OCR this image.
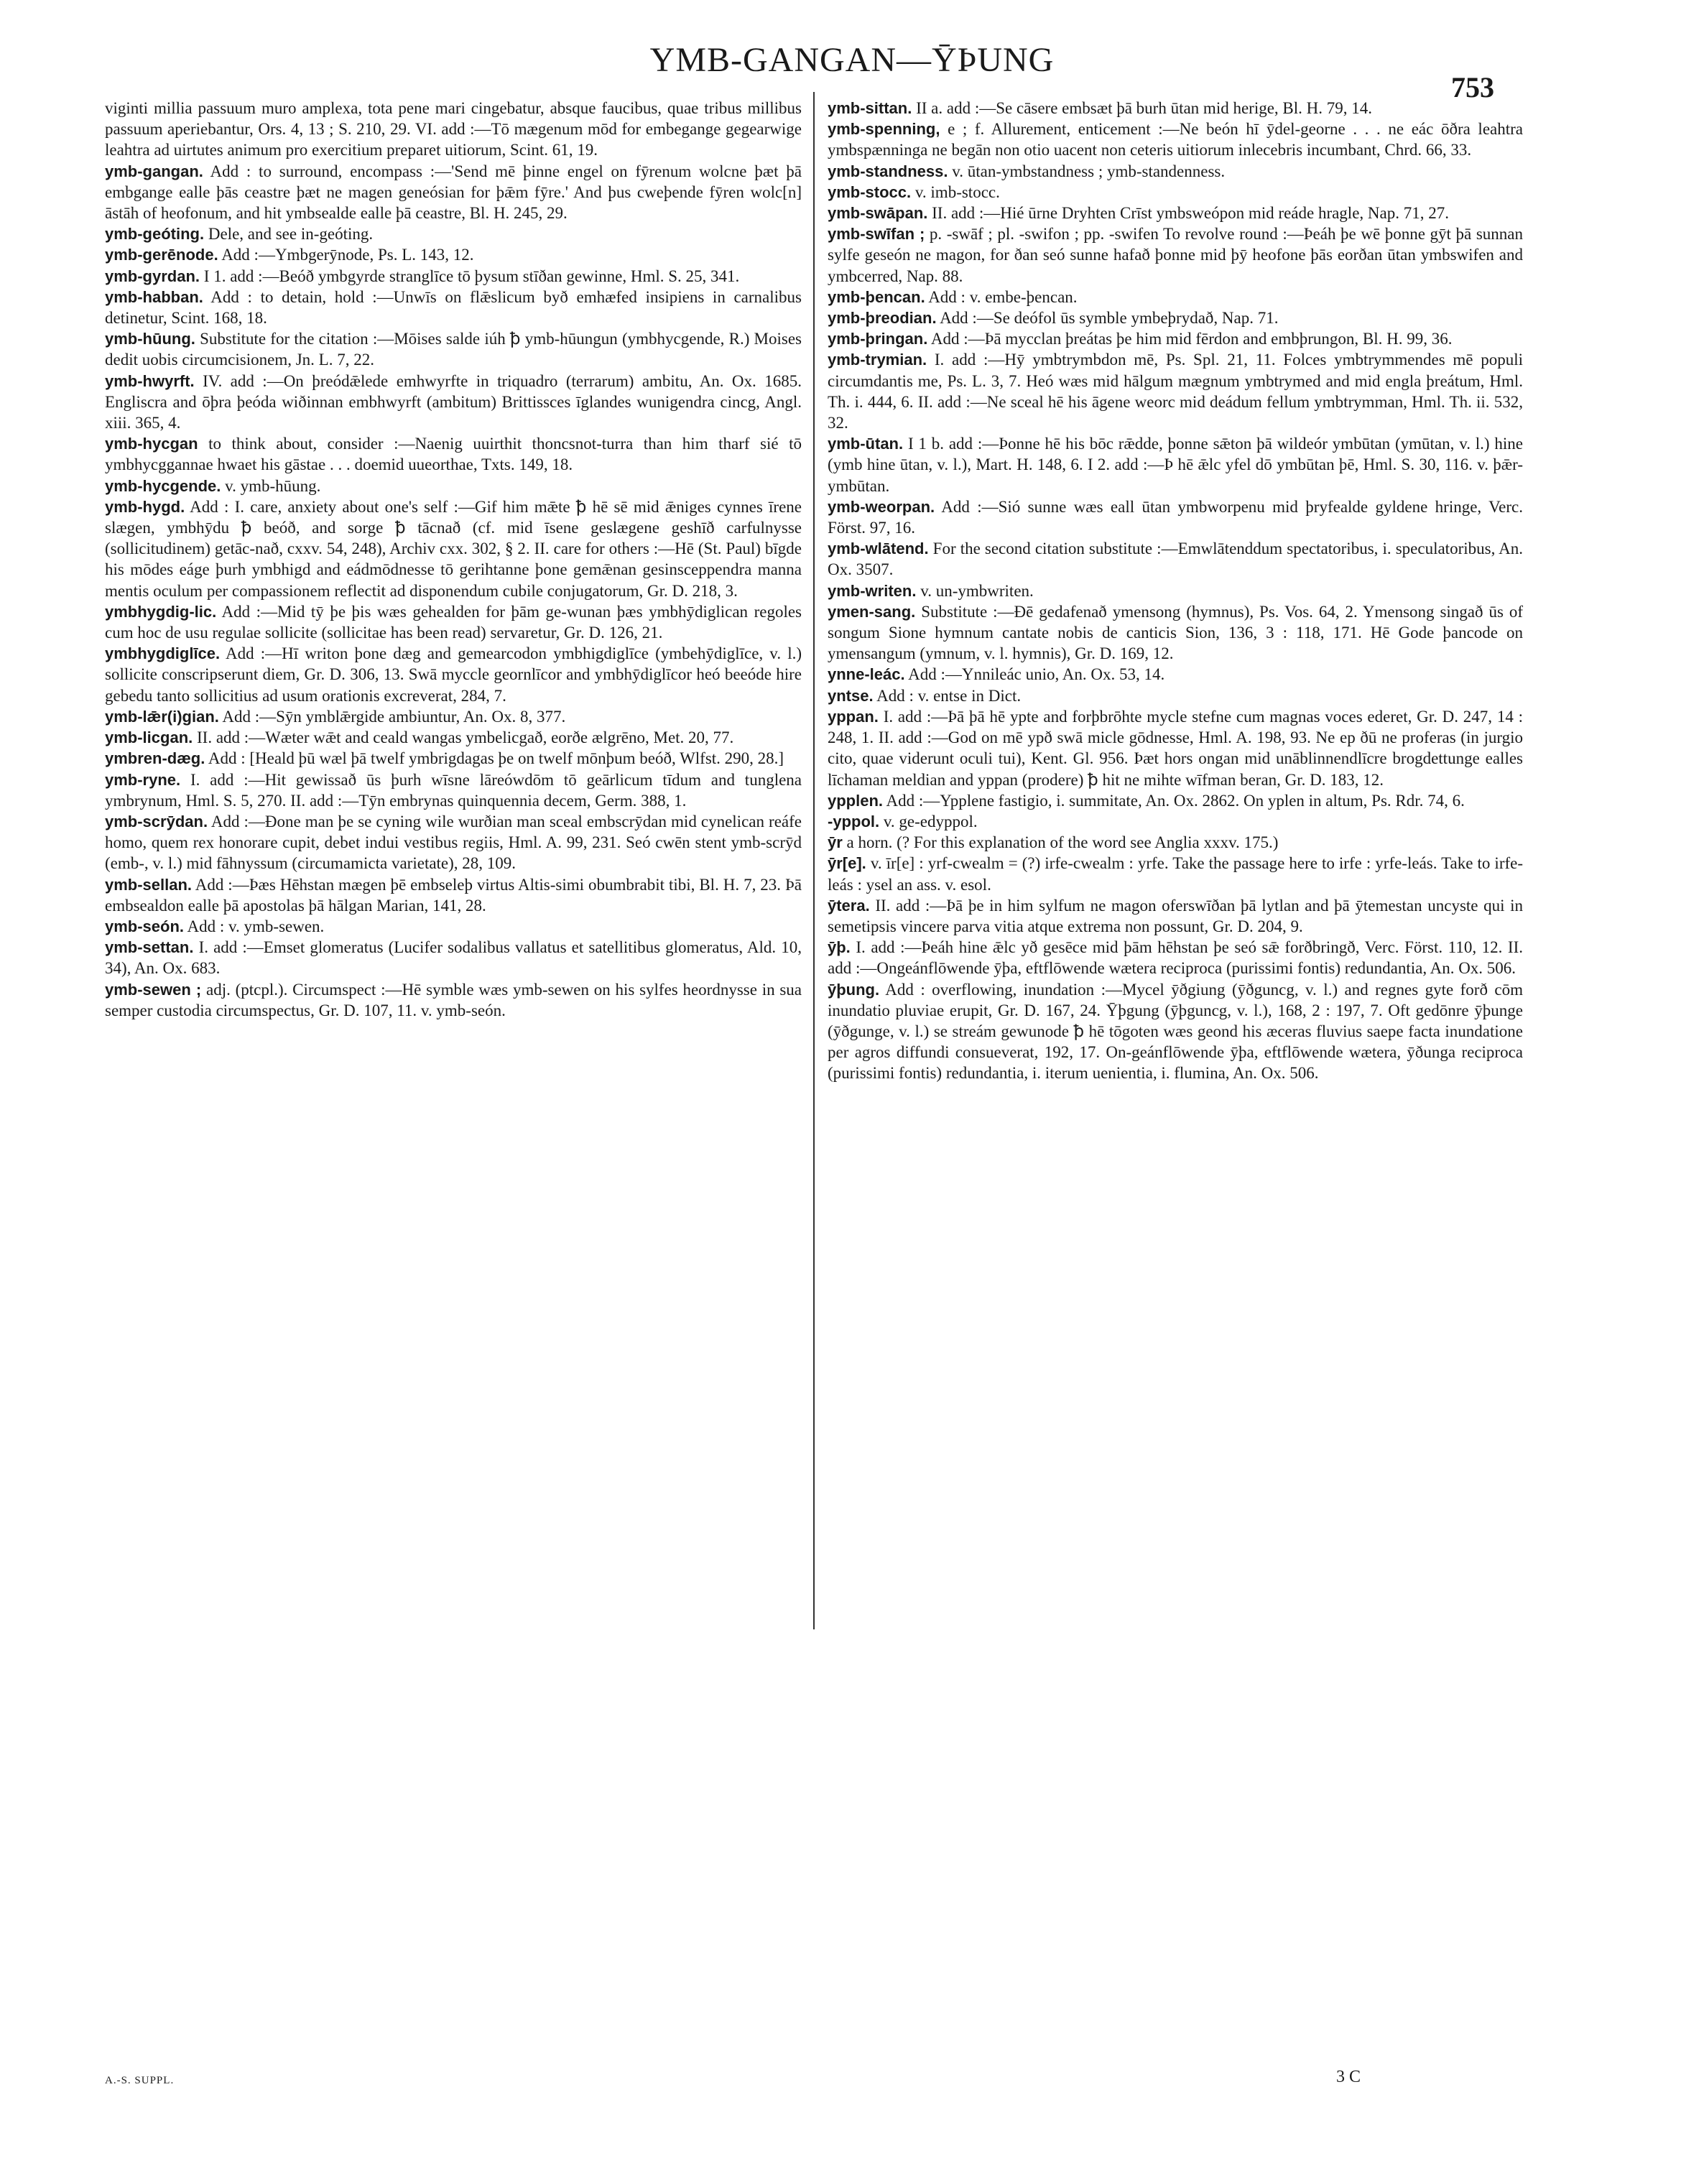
YMB-GANGAN—ȲÞUNG
753

viginti millia passuum muro amplexa, tota pene mari cingebatur, absque faucibus, quae tribus millibus passuum aperiebantur, Ors. 4, 13 ; S. 210, 29. VI. add :—Tō mægenum mōd for embegange gegearwige leahtra ad uirtutes animum pro exercitium preparet uitiorum, Scint. 61, 19.

ymb-gangan. Add : to surround, encompass :—'Send mē þinne engel on fȳrenum wolcne þæt þā embgange ealle þās ceastre þæt ne magen geneósian for þǣm fȳre.' And þus cweþende fȳren wolc[n] āstāh of heofonum, and hit ymbsealde ealle þā ceastre, Bl. H. 245, 29.

ymb-geóting. Dele, and see in-geóting.

ymb-gerēnode. Add :—Ymbgerȳnode, Ps. L. 143, 12.

ymb-gyrdan. I 1. add :—Beóð ymbgyrde stranglīce tō þysum stīðan gewinne, Hml. S. 25, 341.

ymb-habban. Add : to detain, hold :—Unwīs on flǣslicum byð emhæfed insipiens in carnalibus detinetur, Scint. 168, 18.

ymb-hūung. Substitute for the citation :—Mōises salde iúh ꝥ ymb-hūungun (ymbhycgende, R.) Moises dedit uobis circumcisionem, Jn. L. 7, 22.

ymb-hwyrft. IV. add :—On þreódǣlede emhwyrfte in triquadro (terrarum) ambitu, An. Ox. 1685. Engliscra and ōþra þeóda wiðinnan embhwyrft (ambitum) Brittissces īglandes wunigendra cincg, Angl. xiii. 365, 4.

ymb-hycgan to think about, consider :—Naenig uuirthit thoncsnot-turra than him tharf sié tō ymbhycggannae hwaet his gāstae . . . doemid uueorthae, Txts. 149, 18.

ymb-hycgende. v. ymb-hūung.

ymb-hygd. Add : I. care, anxiety about one's self :—Gif him mǣte ꝥ hē sē mid ǣniges cynnes īrene slægen, ymbhȳdu ꝥ beóð, and sorge ꝥ tācnað (cf. mid īsene geslægene geshīð carfulnysse (sollicitudinem) getāc-nað, cxxv. 54, 248), Archiv cxx. 302, § 2. II. care for others :—Hē (St. Paul) bīgde his mōdes eáge þurh ymbhigd and eádmōdnesse tō gerihtanne þone gemǣnan gesinsceppendra manna mentis oculum per compassionem reflectit ad disponendum cubile conjugatorum, Gr. D. 218, 3.

ymbhygdig-lic. Add :—Mid tȳ þe þis wæs gehealden for þām ge-wunan þæs ymbhȳdiglican regoles cum hoc de usu regulae sollicite (sollicitae has been read) servaretur, Gr. D. 126, 21.

ymbhygdiglīce. Add :—Hī writon þone dæg and gemearcodon ymbhigdiglīce (ymbehȳdiglīce, v. l.) sollicite conscripserunt diem, Gr. D. 306, 13. Swā myccle geornlīcor and ymbhȳdiglīcor heó beeóde hire gebedu tanto sollicitius ad usum orationis excreverat, 284, 7.

ymb-lǣr(i)gian. Add :—Sȳn ymblǣrgide ambiuntur, An. Ox. 8, 377.

ymb-licgan. II. add :—Wæter wǣt and ceald wangas ymbelicgað, eorðe ælgrēno, Met. 20, 77.

ymbren-dæg. Add : [Heald þū wæl þā twelf ymbrigdagas þe on twelf mōnþum beóð, Wlfst. 290, 28.]

ymb-ryne. I. add :—Hit gewissað ūs þurh wīsne lāreówdōm tō geārlicum tīdum and tunglena ymbrynum, Hml. S. 5, 270. II. add :—Tȳn embrynas quinquennia decem, Germ. 388, 1.

ymb-scrȳdan. Add :—Ðone man þe se cyning wile wurðian man sceal embscrȳdan mid cynelican reáfe homo, quem rex honorare cupit, debet indui vestibus regiis, Hml. A. 99, 231. Seó cwēn stent ymb-scrȳd (emb-, v. l.) mid fāhnyssum (circumamicta varietate), 28, 109.

ymb-sellan. Add :—Þæs Hēhstan mægen þē embselеþ virtus Altis-simi obumbrabit tibi, Bl. H. 7, 23. Þā embsealdon ealle þā apostolas þā hālgan Marian, 141, 28.

ymb-seón. Add : v. ymb-sewen.

ymb-settan. I. add :—Emset glomeratus (Lucifer sodalibus vallatus et satellitibus glomeratus, Ald. 10, 34), An. Ox. 683.

ymb-sewen ; adj. (ptcpl.). Circumspect :—Hē symble wæs ymb-sewen on his sylfes heordnysse in sua semper custodia circumspectus, Gr. D. 107, 11. v. ymb-seón.

ymb-sittan. II a. add :—Se cāsere embsæt þā burh ūtan mid herige, Bl. H. 79, 14.

ymb-spenning, e ; f. Allurement, enticement :—Ne beón hī ȳdel-georne . . . ne eác ōðra leahtra ymbspænninga ne begān non otio uacent non ceteris uitiorum inlecebris incumbant, Chrd. 66, 33.

ymb-standness. v. ūtan-ymbstandness ; ymb-standenness.

ymb-stocc. v. imb-stocc.

ymb-swāpan. II. add :—Hié ūrne Dryhten Crīst ymbsweópon mid reáde hragle, Nap. 71, 27.

ymb-swīfan ; p. -swāf ; pl. -swifon ; pp. -swifen To revolve round :—Þeáh þe wē þonne gȳt þā sunnan sylfe geseón ne magon, for ðan seó sunne hafað þonne mid þȳ heofone þās eorðan ūtan ymbswifen and ymbcerred, Nap. 88.

ymb-þencan. Add : v. embe-þencan.

ymb-þreodian. Add :—Se deófol ūs symble ymbeþrydað, Nap. 71.

ymb-þringan. Add :—Þā mycclan þreátas þe him mid fērdon and embþrungon, Bl. H. 99, 36.

ymb-trymian. I. add :—Hȳ ymbtrymbdon mē, Ps. Spl. 21, 11. Folces ymbtrymmendes mē populi circumdantis me, Ps. L. 3, 7. Heó wæs mid hālgum mægnum ymbtrymed and mid engla þreátum, Hml. Th. i. 444, 6. II. add :—Ne sceal hē his āgene weorc mid deádum fellum ymbtrymman, Hml. Th. ii. 532, 32.

ymb-ūtan. I 1 b. add :—Þonne hē his bōc rǣdde, þonne sǣton þā wildeór ymbūtan (ymūtan, v. l.) hine (ymb hine ūtan, v. l.), Mart. H. 148, 6. I 2. add :—Þ hē ǣlc yfel dō ymbūtan þē, Hml. S. 30, 116. v. þǣr-ymbūtan.

ymb-weorpan. Add :—Sió sunne wæs eall ūtan ymbworpenu mid þryfealde gyldene hringe, Verc. Först. 97, 16.

ymb-wlātend. For the second citation substitute :—Emwlātenddum spectatoribus, i. speculatoribus, An. Ox. 3507.

ymb-writen. v. un-ymbwriten.

ymen-sang. Substitute :—Ðē gedafenað ymensong (hymnus), Ps. Vos. 64, 2. Ymensong singað ūs of songum Sione hymnum cantate nobis de canticis Sion, 136, 3 : 118, 171. Hē Gode þancode on ymensangum (ymnum, v. l. hymnis), Gr. D. 169, 12.

ynne-leác. Add :—Ynnileác unio, An. Ox. 53, 14.

yntse. Add : v. entse in Dict.

yppan. I. add :—Þā þā hē ypte and forþbrōhte mycle stefne cum magnas voces ederet, Gr. D. 247, 14 : 248, 1. II. add :—God on mē ypð swā micle gōdnesse, Hml. A. 198, 93. Ne ep ðū ne proferas (in jurgio cito, quae viderunt oculi tui), Kent. Gl. 956. Þæt hors ongan mid unāblinnendlīcre brogdettunge ealles līchaman meldian and yppan (prodere) ꝥ hit ne mihte wīfman beran, Gr. D. 183, 12.

ypplen. Add :—Ypplene fastigio, i. summitate, An. Ox. 2862. On yplen in altum, Ps. Rdr. 74, 6.

-yppol. v. ge-edyppol.

ȳr a horn. (? For this explanation of the word see Anglia xxxv. 175.)

ȳr[e]. v. īr[e] : yrf-cwealm = (?) irfe-cwealm : yrfe. Take the passage here to irfe : yrfe-leás. Take to irfe-leás : ysel an ass. v. esol.

ȳtera. II. add :—Þā þe in him sylfum ne magon oferswīðan þā lytlan and þā ȳtemestan uncyste qui in semetipsis vincere parva vitia atque extrema non possunt, Gr. D. 204, 9.

ȳþ. I. add :—Þeáh hine ǣlc yð gesēce mid þām hēhstan þe seó sǣ forðbringð, Verc. Först. 110, 12. II. add :—Ongeánflōwende ȳþa, eftflōwende wætera reciproca (purissimi fontis) redundantia, An. Ox. 506.

ȳþung. Add : overflowing, inundation :—Mycel ȳðgiung (ȳðguncg, v. l.) and regnes gyte forð cōm inundatio pluviae erupit, Gr. D. 167, 24. Ȳþgung (ȳþguncg, v. l.), 168, 2 : 197, 7. Oft gedōnre ȳþunge (ȳðgunge, v. l.) se streám gewunode ꝥ hē tōgoten wæs geond his æceras fluvius saepe facta inundatione per agros diffundi consueverat, 192, 17. On-geánflōwende ȳþa, eftflōwende wætera, ȳðunga reciproca (purissimi fontis) redundantia, i. iterum uenientia, i. flumina, An. Ox. 506.

A.-S. SUPPL.	3 C
